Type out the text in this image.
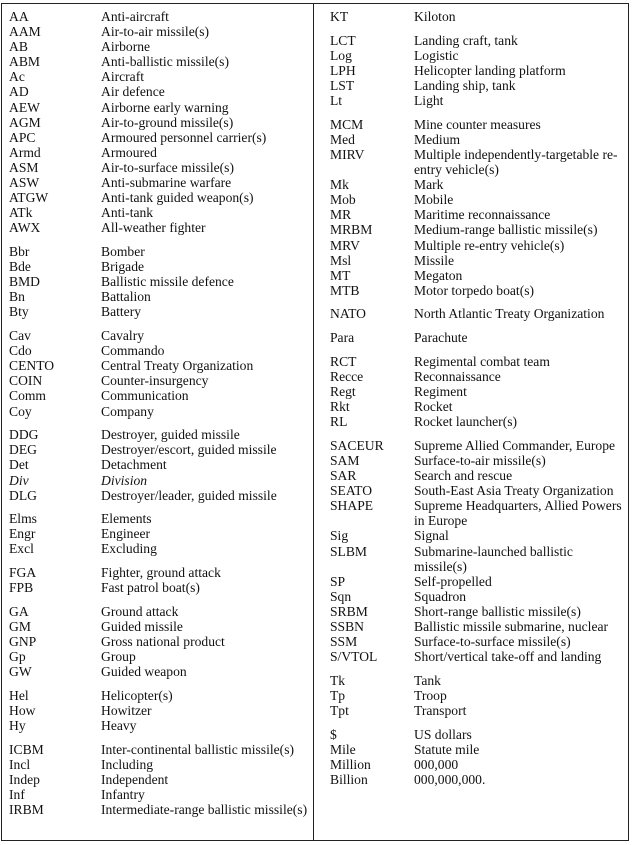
AA	Anti-aircraft
AAM	Air-to-air missile(s)
AB	Airborne
ABM	Anti-ballistic missile(s)
Ac	Aircraft
AD	Air defence
AEW	Airborne early warning
AGM	Air-to-ground missile(s)
APC	Armoured personnel carrier(s)
Armd	Armoured
ASM	Air-to-surface missile(s)
ASW	Anti-submarine warfare
ATGW	Anti-tank guided weapon(s)
ATk	Anti-tank
AWX	All-weather fighter
Bbr	Bomber
Bde	Brigade
BMD	Ballistic missile defence
Bn	Battalion
Bty	Battery
Cav	Cavalry
Cdo	Commando
CENTO	Central Treaty Organization
COIN	Counter-insurgency
Comm	Communication
Coy	Company
DDG	Destroyer, guided missile
DEG	Destroyer/escort, guided missile
Det	Detachment
Div	Division
DLG	Destroyer/leader, guided missile
Elms	Elements
Engr	Engineer
Excl	Excluding
FGA	Fighter, ground attack
FPB	Fast patrol boat(s)
GA	Ground attack
GM	Guided missile
GNP	Gross national product
Gp	Group
GW	Guided weapon
Hel	Helicopter(s)
How	Howitzer
Hy	Heavy
ICBM	Inter-continental ballistic missile(s)
Incl	Including
Indep	Independent
Inf	Infantry
IRBM	Intermediate-range ballistic missile(s)
KT	Kiloton
LCT	Landing craft, tank
Log	Logistic
LPH	Helicopter landing platform
LST	Landing ship, tank
Lt	Light
MCM	Mine counter measures
Med	Medium
MIRV	Multiple independently-targetable re-entry vehicle(s)
Mk	Mark
Mob	Mobile
MR	Maritime reconnaissance
MRBM	Medium-range ballistic missile(s)
MRV	Multiple re-entry vehicle(s)
Msl	Missile
MT	Megaton
MTB	Motor torpedo boat(s)
NATO	North Atlantic Treaty Organization
Para	Parachute
RCT	Regimental combat team
Recce	Reconnaissance
Regt	Regiment
Rkt	Rocket
RL	Rocket launcher(s)
SACEUR	Supreme Allied Commander, Europe
SAM	Surface-to-air missile(s)
SAR	Search and rescue
SEATO	South-East Asia Treaty Organization
SHAPE	Supreme Headquarters, Allied Powers in Europe
Sig	Signal
SLBM	Submarine-launched ballistic missile(s)
SP	Self-propelled
Sqn	Squadron
SRBM	Short-range ballistic missile(s)
SSBN	Ballistic missile submarine, nuclear
SSM	Surface-to-surface missile(s)
S/VTOL	Short/vertical take-off and landing
Tk	Tank
Tp	Troop
Tpt	Transport
$	US dollars
Mile	Statute mile
Million	000,000
Billion	000,000,000.
